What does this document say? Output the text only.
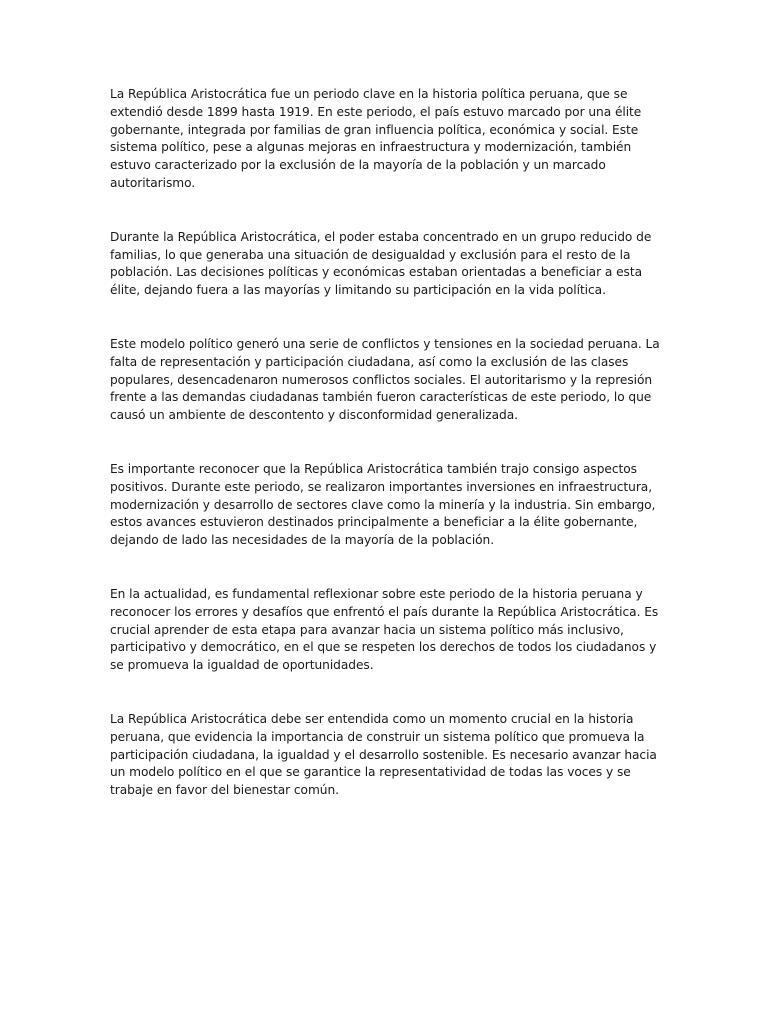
La República Aristocrática fue un periodo clave en la historia política peruana, que se extendió desde 1899 hasta 1919. En este periodo, el país estuvo marcado por una élite gobernante, integrada por familias de gran influencia política, económica y social. Este sistema político, pese a algunas mejoras en infraestructura y modernización, también estuvo caracterizado por la exclusión de la mayoría de la población y un marcado autoritarismo.

Durante la República Aristocrática, el poder estaba concentrado en un grupo reducido de familias, lo que generaba una situación de desigualdad y exclusión para el resto de la población. Las decisiones políticas y económicas estaban orientadas a beneficiar a esta élite, dejando fuera a las mayorías y limitando su participación en la vida política.

Este modelo político generó una serie de conflictos y tensiones en la sociedad peruana. La falta de representación y participación ciudadana, así como la exclusión de las clases populares, desencadenaron numerosos conflictos sociales. El autoritarismo y la represión frente a las demandas ciudadanas también fueron características de este periodo, lo que causó un ambiente de descontento y disconformidad generalizada.

Es importante reconocer que la República Aristocrática también trajo consigo aspectos positivos. Durante este periodo, se realizaron importantes inversiones en infraestructura, modernización y desarrollo de sectores clave como la minería y la industria. Sin embargo, estos avances estuvieron destinados principalmente a beneficiar a la élite gobernante, dejando de lado las necesidades de la mayoría de la población.

En la actualidad, es fundamental reflexionar sobre este periodo de la historia peruana y reconocer los errores y desafíos que enfrentó el país durante la República Aristocrática. Es crucial aprender de esta etapa para avanzar hacia un sistema político más inclusivo, participativo y democrático, en el que se respeten los derechos de todos los ciudadanos y se promueva la igualdad de oportunidades.

La República Aristocrática debe ser entendida como un momento crucial en la historia peruana, que evidencia la importancia de construir un sistema político que promueva la participación ciudadana, la igualdad y el desarrollo sostenible. Es necesario avanzar hacia un modelo político en el que se garantice la representatividad de todas las voces y se trabaje en favor del bienestar común.
